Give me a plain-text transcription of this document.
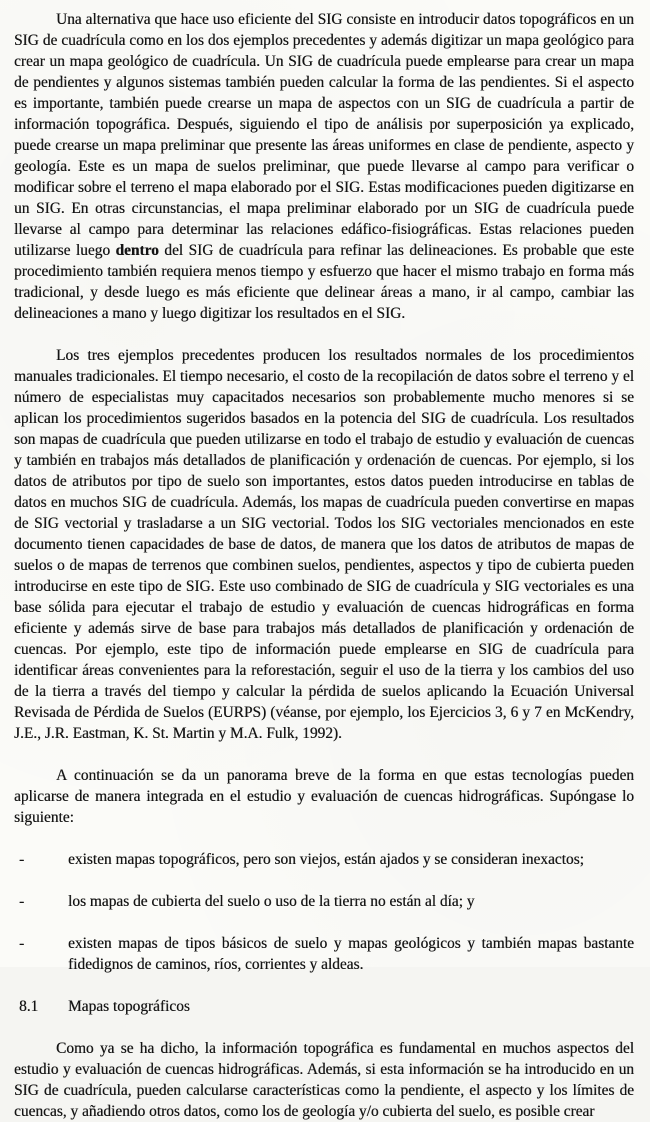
Una alternativa que hace uso eficiente del SIG consiste en introducir datos topográficos en un SIG de cuadrícula como en los dos ejemplos precedentes y además digitizar un mapa geológico para crear un mapa geológico de cuadrícula. Un SIG de cuadrícula puede emplearse para crear un mapa de pendientes y algunos sistemas también pueden calcular la forma de las pendientes. Si el aspecto es importante, también puede crearse un mapa de aspectos con un SIG de cuadrícula a partir de información topográfica. Después, siguiendo el tipo de análisis por superposición ya explicado, puede crearse un mapa preliminar que presente las áreas uniformes en clase de pendiente, aspecto y geología. Este es un mapa de suelos preliminar, que puede llevarse al campo para verificar o modificar sobre el terreno el mapa elaborado por el SIG. Estas modificaciones pueden digitizarse en un SIG. En otras circunstancias, el mapa preliminar elaborado por un SIG de cuadrícula puede llevarse al campo para determinar las relaciones edáfico-fisiográficas. Estas relaciones pueden utilizarse luego dentro del SIG de cuadrícula para refinar las delineaciones. Es probable que este procedimiento también requiera menos tiempo y esfuerzo que hacer el mismo trabajo en forma más tradicional, y desde luego es más eficiente que delinear áreas a mano, ir al campo, cambiar las delineaciones a mano y luego digitizar los resultados en el SIG.

Los tres ejemplos precedentes producen los resultados normales de los procedimientos manuales tradicionales. El tiempo necesario, el costo de la recopilación de datos sobre el terreno y el número de especialistas muy capacitados necesarios son probablemente mucho menores si se aplican los procedimientos sugeridos basados en la potencia del SIG de cuadrícula. Los resultados son mapas de cuadrícula que pueden utilizarse en todo el trabajo de estudio y evaluación de cuencas y también en trabajos más detallados de planificación y ordenación de cuencas. Por ejemplo, si los datos de atributos por tipo de suelo son importantes, estos datos pueden introducirse en tablas de datos en muchos SIG de cuadrícula. Además, los mapas de cuadrícula pueden convertirse en mapas de SIG vectorial y trasladarse a un SIG vectorial. Todos los SIG vectoriales mencionados en este documento tienen capacidades de base de datos, de manera que los datos de atributos de mapas de suelos o de mapas de terrenos que combinen suelos, pendientes, aspectos y tipo de cubierta pueden introducirse en este tipo de SIG. Este uso combinado de SIG de cuadrícula y SIG vectoriales es una base sólida para ejecutar el trabajo de estudio y evaluación de cuencas hidrográficas en forma eficiente y además sirve de base para trabajos más detallados de planificación y ordenación de cuencas. Por ejemplo, este tipo de información puede emplearse en SIG de cuadrícula para identificar áreas convenientes para la reforestación, seguir el uso de la tierra y los cambios del uso de la tierra a través del tiempo y calcular la pérdida de suelos aplicando la Ecuación Universal Revisada de Pérdida de Suelos (EURPS) (véanse, por ejemplo, los Ejercicios 3, 6 y 7 en McKendry, J.E., J.R. Eastman, K. St. Martin y M.A. Fulk, 1992).

A continuación se da un panorama breve de la forma en que estas tecnologías pueden aplicarse de manera integrada en el estudio y evaluación de cuencas hidrográficas. Supóngase lo siguiente:

-	existen mapas topográficos, pero son viejos, están ajados y se consideran inexactos;
-	los mapas de cubierta del suelo o uso de la tierra no están al día; y
-	existen mapas de tipos básicos de suelo y mapas geológicos y también mapas bastante fidedignos de caminos, ríos, corrientes y aldeas.
8.1 Mapas topográficos

Como ya se ha dicho, la información topográfica es fundamental en muchos aspectos del estudio y evaluación de cuencas hidrográficas. Además, si esta información se ha introducido en un SIG de cuadrícula, pueden calcularse características como la pendiente, el aspecto y los límites de cuencas, y añadiendo otros datos, como los de geología y/o cubierta del suelo, es posible crear
